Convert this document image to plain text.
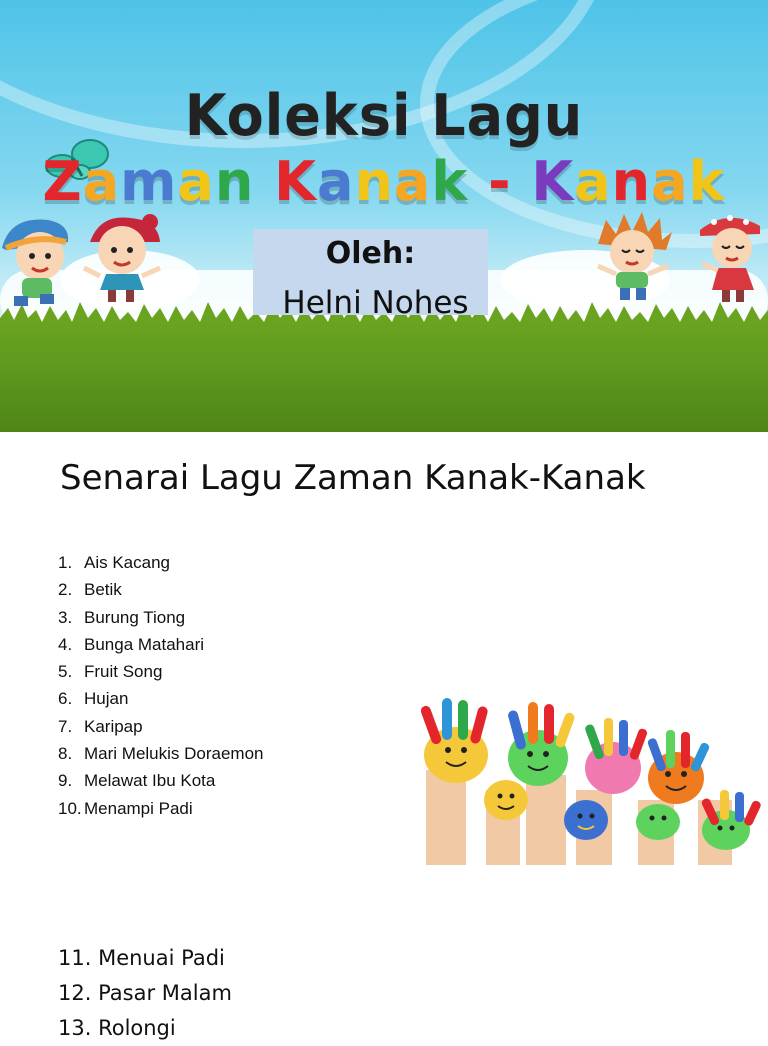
Koleksi Lagu
Zaman Kanak - Kanak
Oleh:
Helni Nohes
Senarai Lagu Zaman Kanak-Kanak
1. Ais Kacang
2. Betik
3. Burung Tiong
4. Bunga Matahari
5. Fruit Song
6. Hujan
7. Karipap
8. Mari Melukis Doraemon
9. Melawat Ibu Kota
10. Menampi Padi
11. Menuai Padi
12. Pasar Malam
13. Rolongi
